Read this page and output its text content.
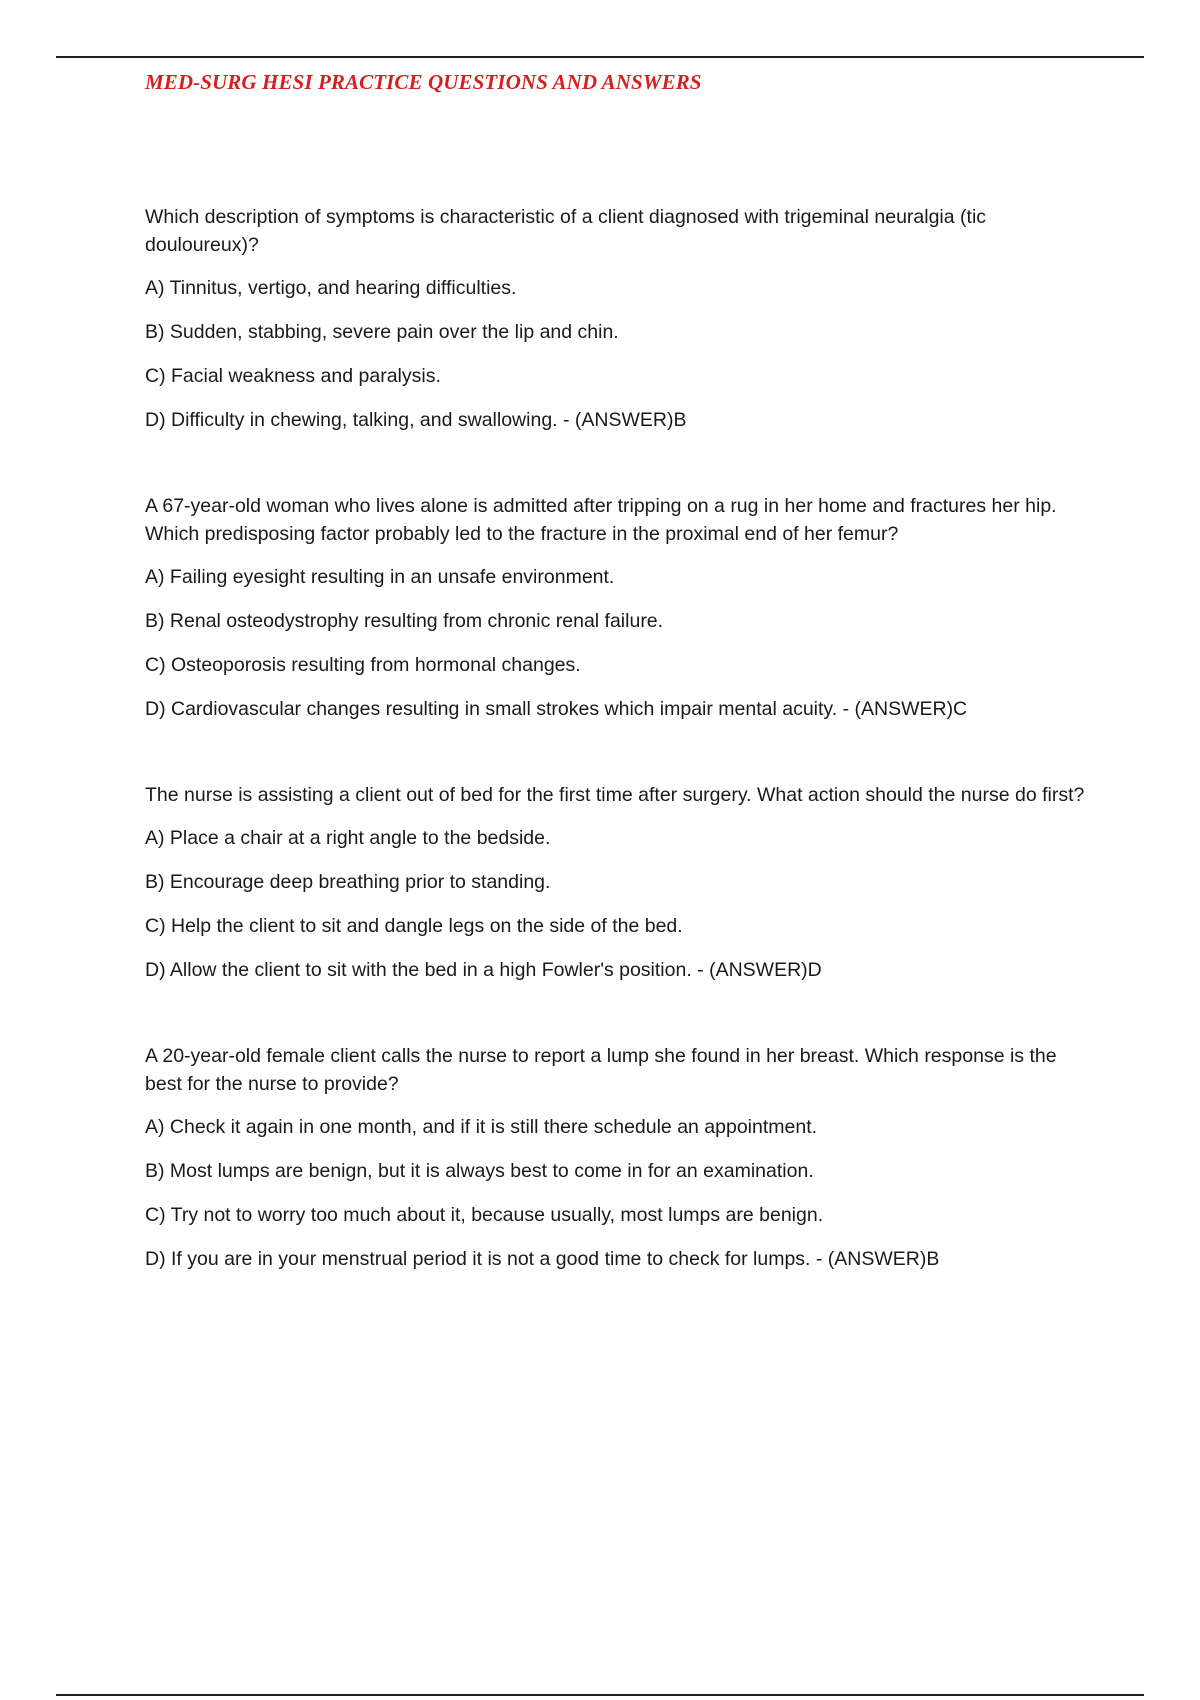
MED-SURG HESI PRACTICE QUESTIONS AND ANSWERS

Which description of symptoms is characteristic of a client diagnosed with trigeminal neuralgia (tic douloureux)?

A) Tinnitus, vertigo, and hearing difficulties.

B) Sudden, stabbing, severe pain over the lip and chin.

C) Facial weakness and paralysis.

D) Difficulty in chewing, talking, and swallowing. - (ANSWER)B

A 67-year-old woman who lives alone is admitted after tripping on a rug in her home and fractures her hip. Which predisposing factor probably led to the fracture in the proximal end of her femur?

A) Failing eyesight resulting in an unsafe environment.

B) Renal osteodystrophy resulting from chronic renal failure.

C) Osteoporosis resulting from hormonal changes.

D) Cardiovascular changes resulting in small strokes which impair mental acuity. - (ANSWER)C

The nurse is assisting a client out of bed for the first time after surgery. What action should the nurse do first?

A) Place a chair at a right angle to the bedside.

B) Encourage deep breathing prior to standing.

C) Help the client to sit and dangle legs on the side of the bed.

D) Allow the client to sit with the bed in a high Fowler's position. - (ANSWER)D

A 20-year-old female client calls the nurse to report a lump she found in her breast. Which response is the best for the nurse to provide?

A) Check it again in one month, and if it is still there schedule an appointment.

B) Most lumps are benign, but it is always best to come in for an examination.

C) Try not to worry too much about it, because usually, most lumps are benign.

D) If you are in your menstrual period it is not a good time to check for lumps. - (ANSWER)B
